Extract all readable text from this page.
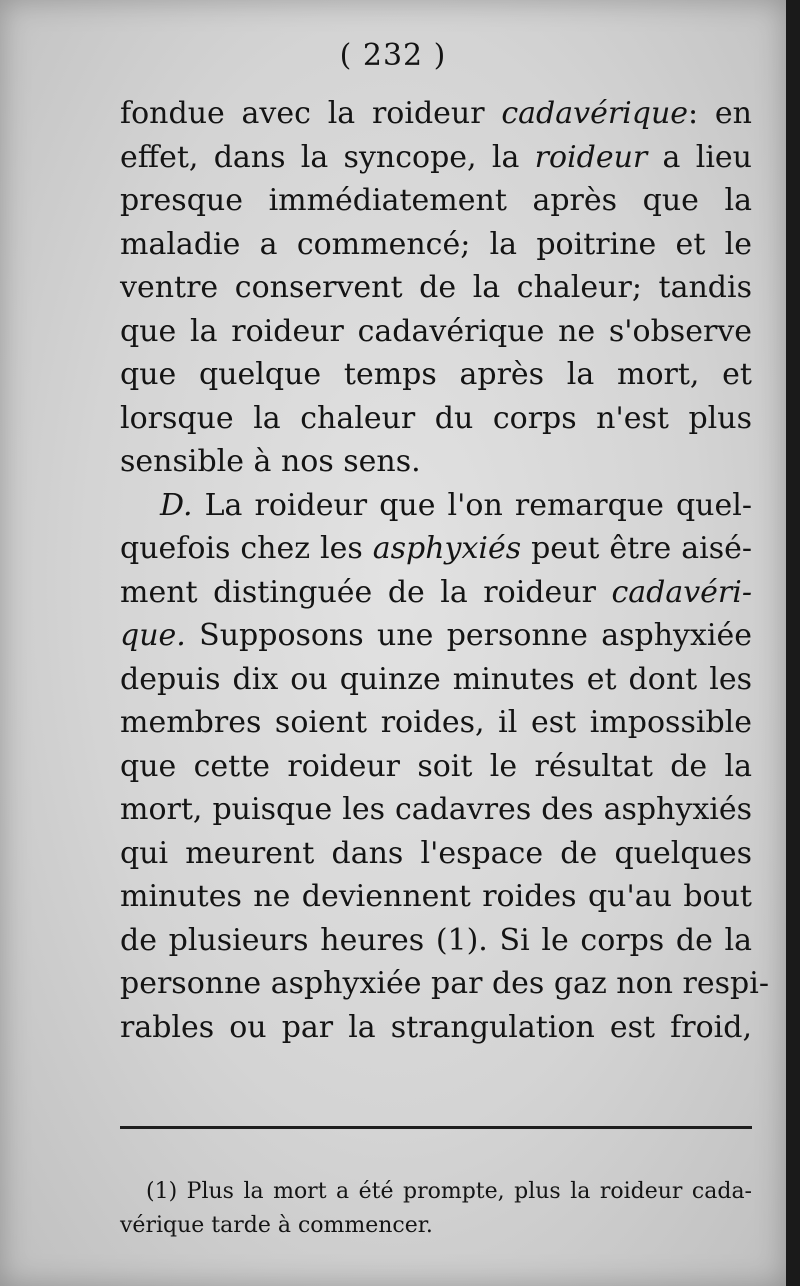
( 232 )
fondue avec la roideur cadavérique: en
effet, dans la syncope, la roideur a lieu
presque immédiatement après que la
maladie a commencé; la poitrine et le
ventre conservent de la chaleur; tandis
que la roideur cadavérique ne s'observe
que quelque temps après la mort, et
lorsque la chaleur du corps n'est plus
sensible à nos sens.
D. La roideur que l'on remarque quel-
quefois chez les asphyxiés peut être aisé-
ment distinguée de la roideur cadavéri-
que. Supposons une personne asphyxiée
depuis dix ou quinze minutes et dont les
membres soient roides, il est impossible
que cette roideur soit le résultat de la
mort, puisque les cadavres des asphyxiés
qui meurent dans l'espace de quelques
minutes ne deviennent roides qu'au bout
de plusieurs heures (1). Si le corps de la
personne asphyxiée par des gaz non respi-
rables ou par la strangulation est froid,
(1) Plus la mort a été prompte, plus la roideur cada-
vérique tarde à commencer.
